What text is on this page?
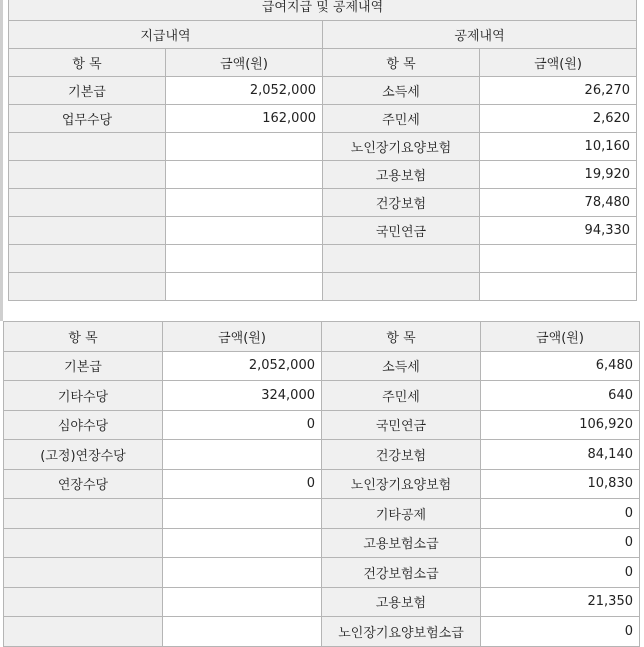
급여지급 및 공제내역			
지급내역		공제내역	
항 목	금액(원)	항 목	금액(원)
기본급	2,052,000	소득세	26,270
업무수당	162,000	주민세	2,620
		노인장기요양보험	10,160
		고용보험	19,920
		건강보험	78,480
		국민연금	94,330

항 목	금액(원)	항 목	금액(원)
기본급	2,052,000	소득세	6,480
기타수당	324,000	주민세	640
심야수당	0	국민연금	106,920
(고정)연장수당		건강보험	84,140
연장수당	0	노인장기요양보험	10,830
		기타공제	0
		고용보험소급	0
		건강보험소급	0
		고용보험	21,350
		노인장기요양보험소급	0
